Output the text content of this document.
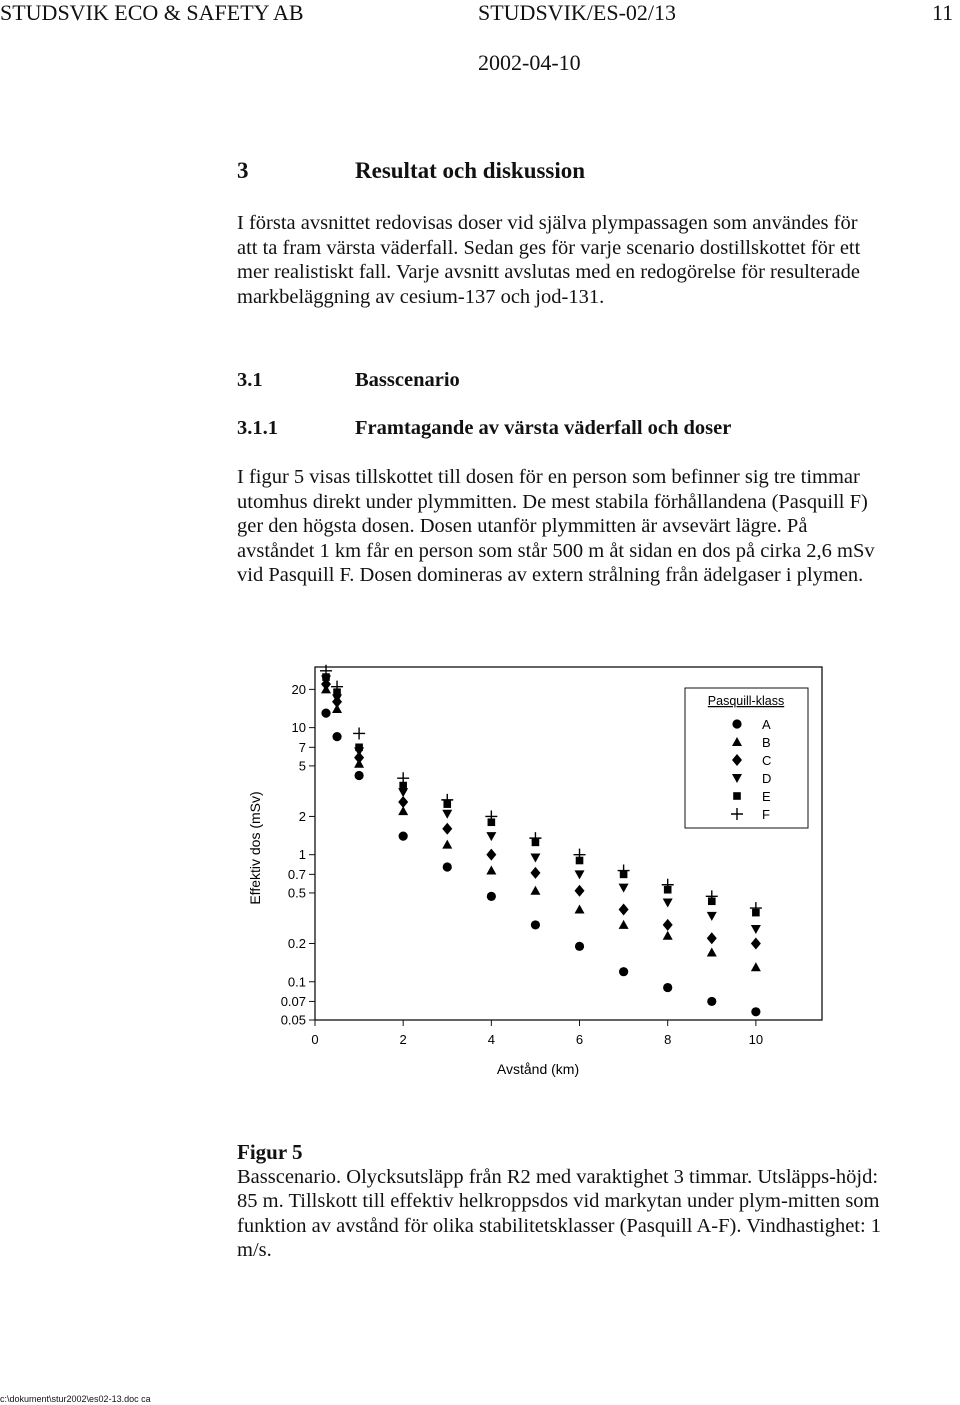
STUDSVIK ECO & SAFETY AB	STUDSVIK/ES-02/13	11
2002-04-10
3	Resultat och diskussion
I första avsnittet redovisas doser vid själva plympassagen som användes för att ta fram värsta väderfall. Sedan ges för varje scenario dostillskottet för ett mer realistiskt fall. Varje avsnitt avslutas med en redogörelse för resulterade markbeläggning av cesium-137 och jod-131.
3.1	Basscenario
3.1.1	Framtagande av värsta väderfall och doser
I figur 5 visas tillskottet till dosen för en person som befinner sig tre timmar utomhus direkt under plymmitten. De mest stabila förhållandena (Pasquill F) ger den högsta dosen. Dosen utanför plymmitten är avsevärt lägre. På avståndet 1 km får en person som står 500 m åt sidan en dos på cirka 2,6 mSv vid Pasquill F. Dosen domineras av extern strålning från ädelgaser i plymen.
20
10
7
5
2
1
0.7
0.5
0.2
0.1
0.07
0.05
0	2	4	6	8	10
Pasquill-klass
A
B
C
D
E
F
Avstånd (km)
Effektiv dos (mSv)
Figur 5
Basscenario. Olycksutsläpp från R2 med varaktighet 3 timmar. Utsläpps-höjd: 85 m. Tillskott till effektiv helkroppsdos vid markytan under plym-mitten som funktion av avstånd för olika stabilitetsklasser (Pasquill A-F). Vindhastighet: 1 m/s.
c:\dokument\stur2002\es02-13.doc ca
